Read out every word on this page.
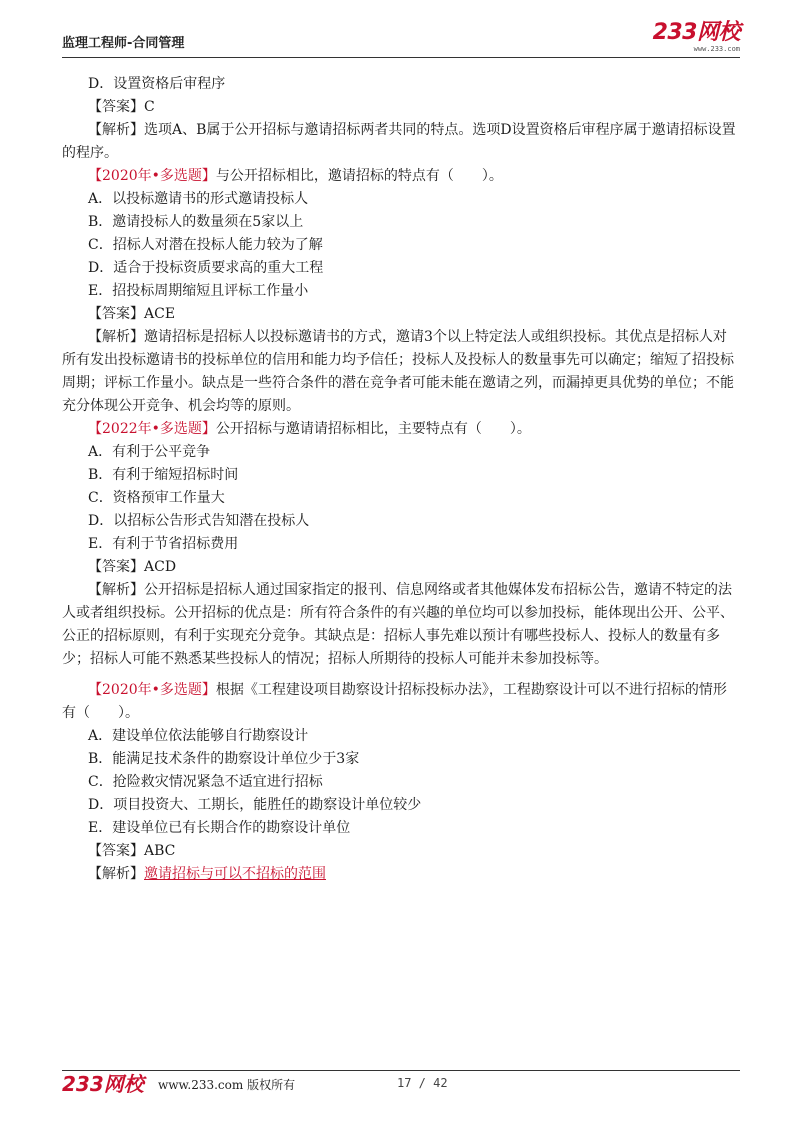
监理工程师-合同管理	233网校
www.233.com
D．设置资格后审程序
【答案】C
【解析】选项A、B属于公开招标与邀请招标两者共同的特点。选项D设置资格后审程序属于邀请招标设置的程序。
【2020年•多选题】与公开招标相比，邀请招标的特点有（　　）。
A．以投标邀请书的形式邀请投标人
B．邀请投标人的数量须在5家以上
C．招标人对潜在投标人能力较为了解
D．适合于投标资质要求高的重大工程
E．招投标周期缩短且评标工作量小
【答案】ACE
【解析】邀请招标是招标人以投标邀请书的方式，邀请3个以上特定法人或组织投标。其优点是招标人对所有发出投标邀请书的投标单位的信用和能力均予信任；投标人及投标人的数量事先可以确定；缩短了招投标周期；评标工作量小。缺点是一些符合条件的潜在竞争者可能未能在邀请之列，而漏掉更具优势的单位；不能充分体现公开竞争、机会均等的原则。
【2022年•多选题】公开招标与邀请请招标相比，主要特点有（　　）。
A．有利于公平竞争
B．有利于缩短招标时间
C．资格预审工作量大
D．以招标公告形式告知潜在投标人
E．有利于节省招标费用
【答案】ACD
【解析】公开招标是招标人通过国家指定的报刊、信息网络或者其他媒体发布招标公告，邀请不特定的法人或者组织投标。公开招标的优点是：所有符合条件的有兴趣的单位均可以参加投标，能体现出公开、公平、公正的招标原则，有利于实现充分竞争。其缺点是：招标人事先难以预计有哪些投标人、投标人的数量有多少；招标人可能不熟悉某些投标人的情况；招标人所期待的投标人可能并未参加投标等。
【2020年•多选题】根据《工程建设项目勘察设计招标投标办法》，工程勘察设计可以不进行招标的情形有（　　）。
A．建设单位依法能够自行勘察设计
B．能满足技术条件的勘察设计单位少于3家
C．抢险救灾情况紧急不适宜进行招标
D．项目投资大、工期长，能胜任的勘察设计单位较少
E．建设单位已有长期合作的勘察设计单位
【答案】ABC
【解析】邀请招标与可以不招标的范围
233网校 www.233.com 版权所有	17 / 42
